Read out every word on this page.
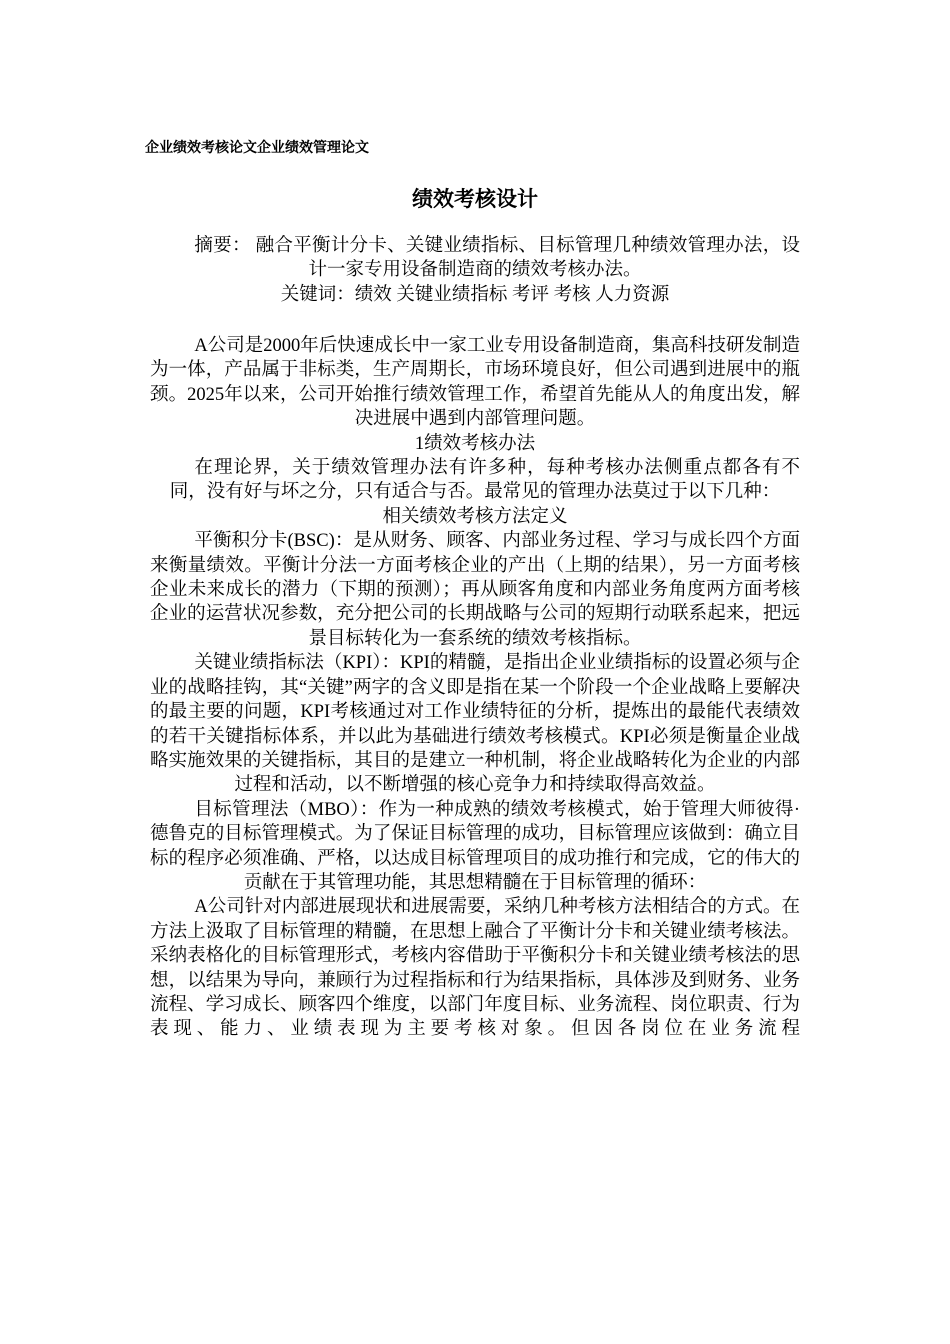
企业绩效考核论文企业绩效管理论文
绩效考核设计

摘要： 融合平衡计分卡、关键业绩指标、目标管理几种绩效管理办法，设计一家专用设备制造商的绩效考核办法。

关键词：绩效 关键业绩指标 考评 考核 人力资源

A公司是2000年后快速成长中一家工业专用设备制造商，集高科技研发制造为一体，产品属于非标类，生产周期长，市场环境良好，但公司遇到进展中的瓶颈。2025年以来，公司开始推行绩效管理工作，希望首先能从人的角度出发，解决进展中遇到内部管理问题。

1绩效考核办法

在理论界，关于绩效管理办法有许多种，每种考核办法侧重点都各有不同，没有好与坏之分，只有适合与否。最常见的管理办法莫过于以下几种：

相关绩效考核方法定义

平衡积分卡(BSC)：是从财务、顾客、内部业务过程、学习与成长四个方面来衡量绩效。平衡计分法一方面考核企业的产出（上期的结果），另一方面考核企业未来成长的潜力（下期的预测）；再从顾客角度和内部业务角度两方面考核企业的运营状况参数，充分把公司的长期战略与公司的短期行动联系起来，把远景目标转化为一套系统的绩效考核指标。

关键业绩指标法（KPI）：KPI的精髓，是指出企业业绩指标的设置必须与企业的战略挂钩，其“关键”两字的含义即是指在某一个阶段一个企业战略上要解决的最主要的问题，KPI考核通过对工作业绩特征的分析，提炼出的最能代表绩效的若干关键指标体系，并以此为基础进行绩效考核模式。KPI必须是衡量企业战略实施效果的关键指标，其目的是建立一种机制，将企业战略转化为企业的内部过程和活动，以不断增强的核心竞争力和持续取得高效益。

目标管理法（MBO）：作为一种成熟的绩效考核模式，始于管理大师彼得·德鲁克的目标管理模式。为了保证目标管理的成功，目标管理应该做到：确立目标的程序必须准确、严格，以达成目标管理项目的成功推行和完成，它的伟大的贡献在于其管理功能，其思想精髓在于目标管理的循环：

A公司针对内部进展现状和进展需要，采纳几种考核方法相结合的方式。在方法上汲取了目标管理的精髓，在思想上融合了平衡计分卡和关键业绩考核法。采纳表格化的目标管理形式，考核内容借助于平衡积分卡和关键业绩考核法的思想，以结果为导向，兼顾行为过程指标和行为结果指标，具体涉及到财务、业务流程、学习成长、顾客四个维度，以部门年度目标、业务流程、岗位职责、行为表现、能力、业绩表现为主要考核对象。但因各岗位在业务流程
